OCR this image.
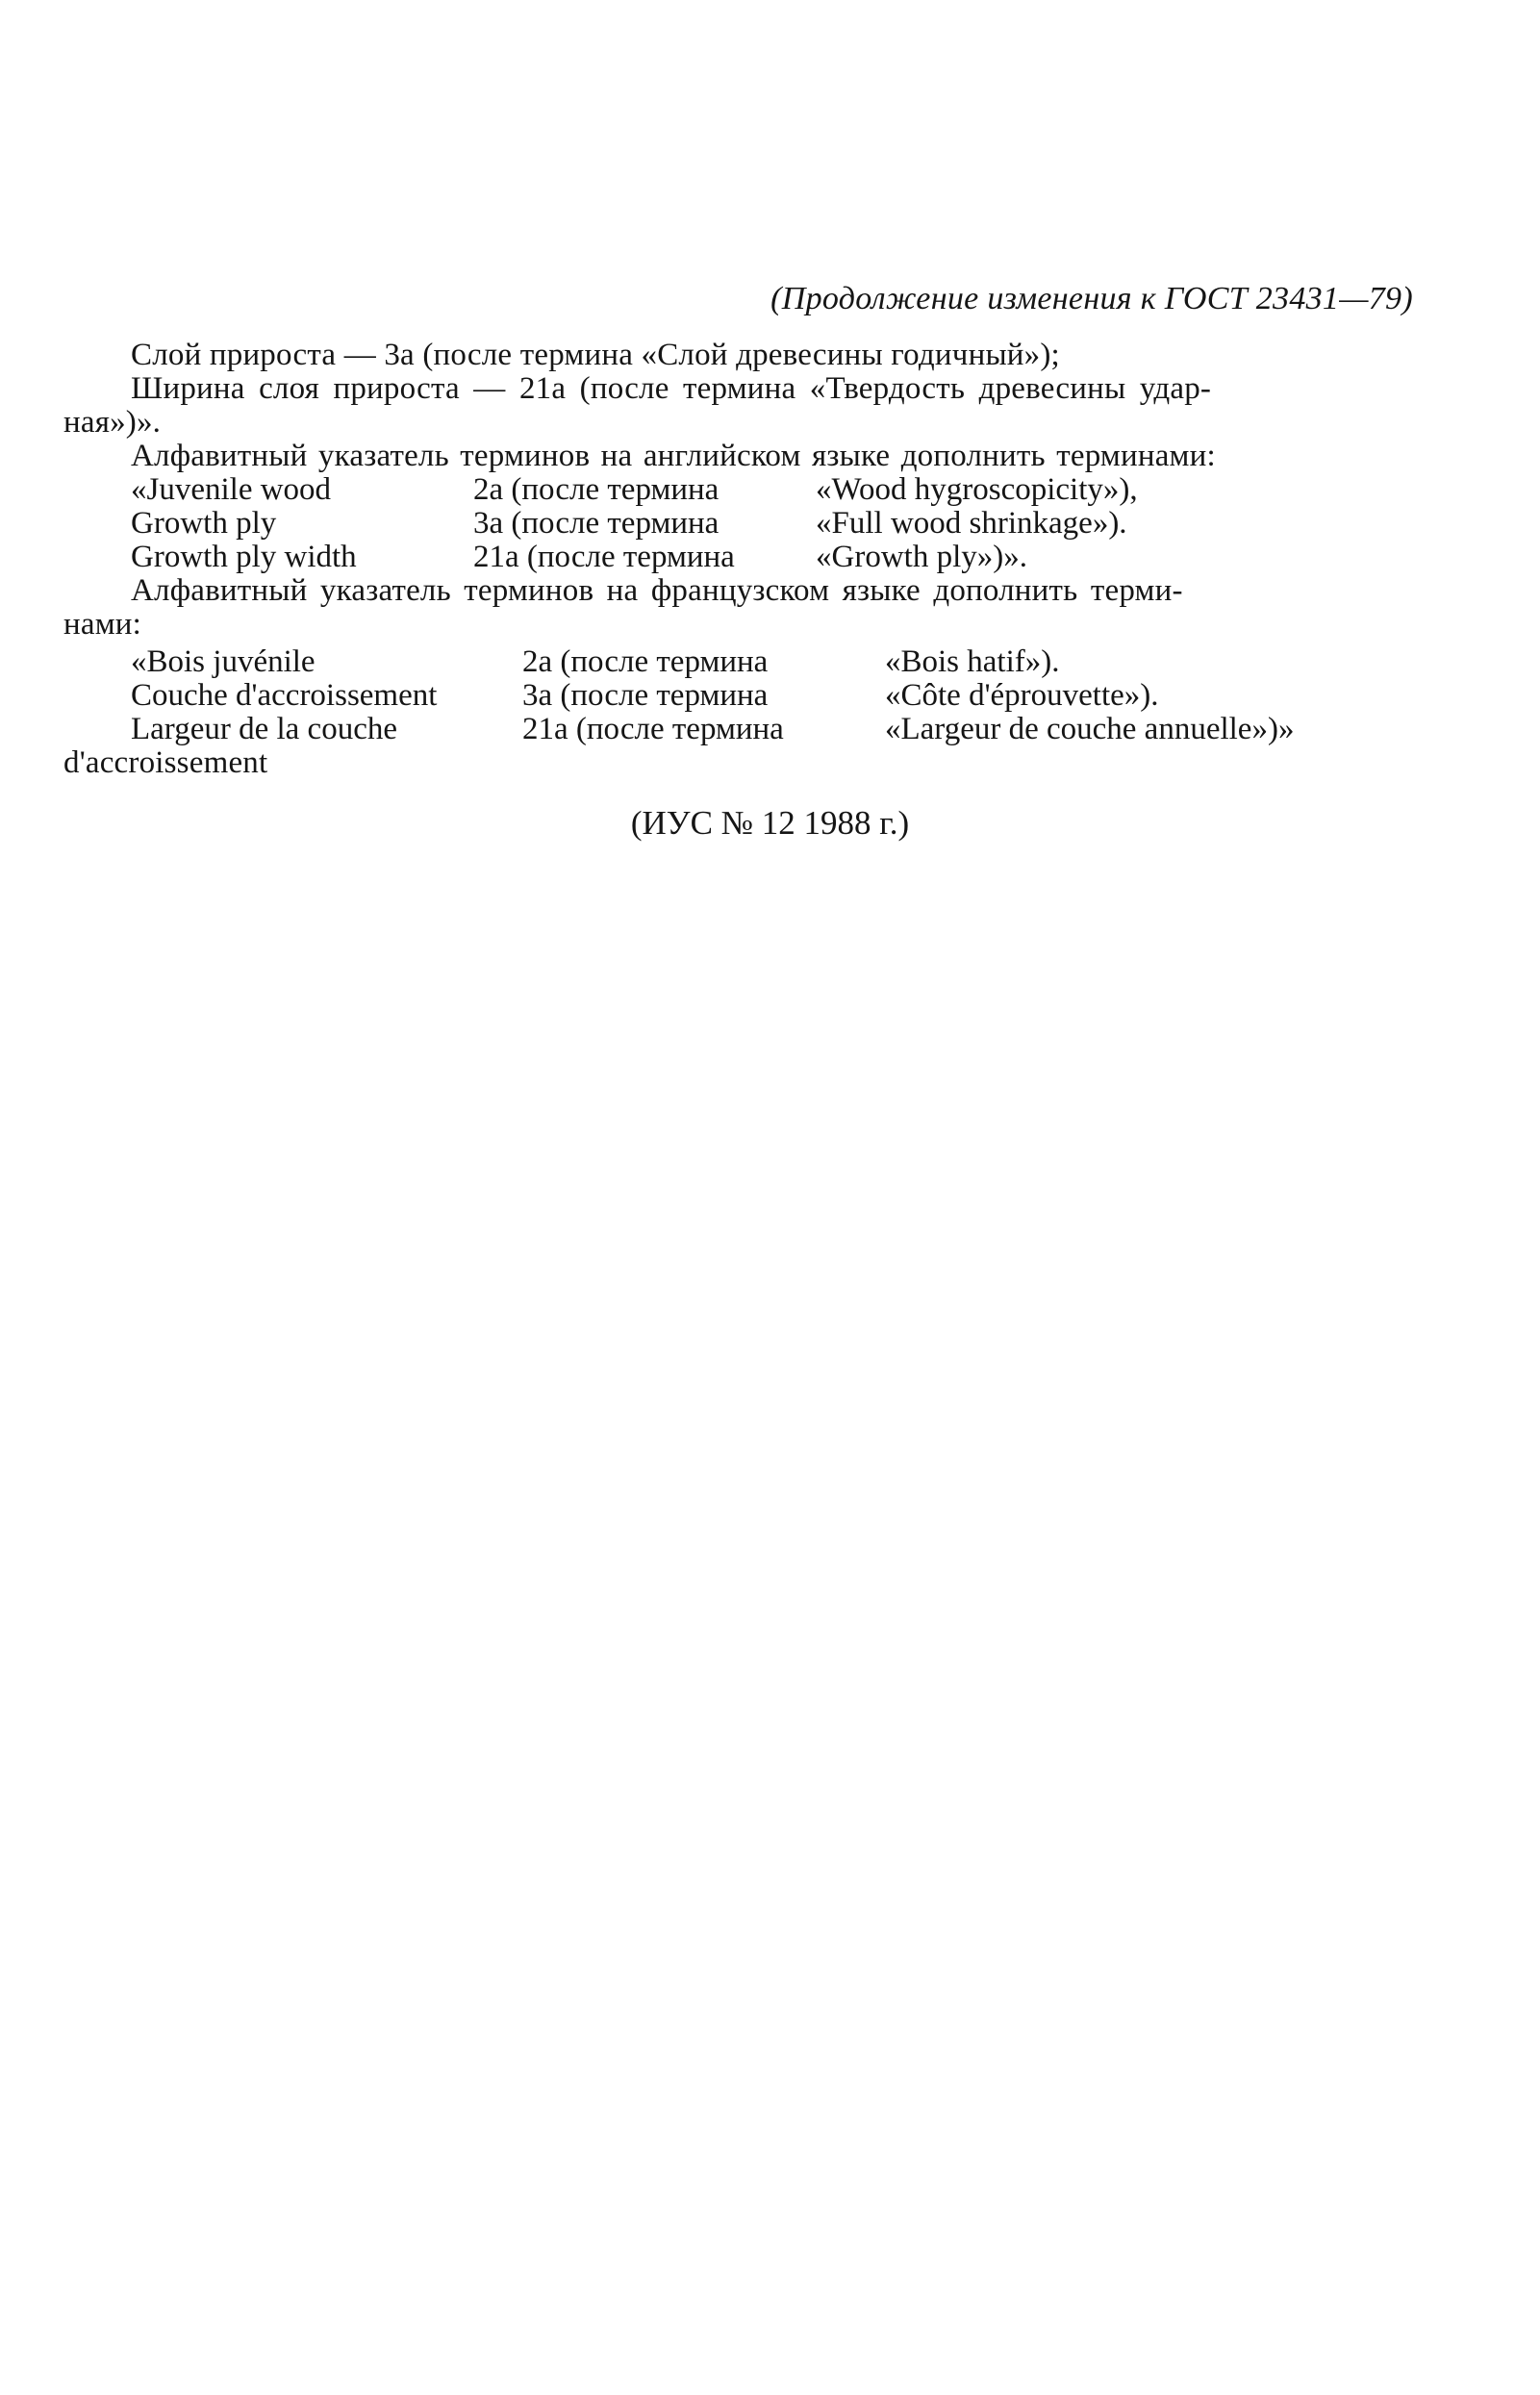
(Продолжение изменения к ГОСТ 23431—79)
Слой прироста — 3а (после термина «Слой древесины годичный»);
Ширина слоя прироста — 21а (после термина «Твердость древесины удар-
ная»)».
Алфавитный указатель терминов на английском языке дополнить терминами:
«Juvenile wood	2а (после термина	«Wood hygroscopicity»),
Growth ply	3а (после термина	«Full wood shrinkage»).
Growth ply width	21а (после термина	«Growth ply»)».
Алфавитный указатель терминов на французском языке дополнить терми-
нами:
«Bois juvénile	2а (после термина	«Bois hatif»).
Couche d'accroissement	3а (после термина	«Côte d'éprouvette»).
Largeur de la couche	21а (после термина	«Largeur de couche annuelle»)»
d'accroissement
(ИУС № 12 1988 г.)
